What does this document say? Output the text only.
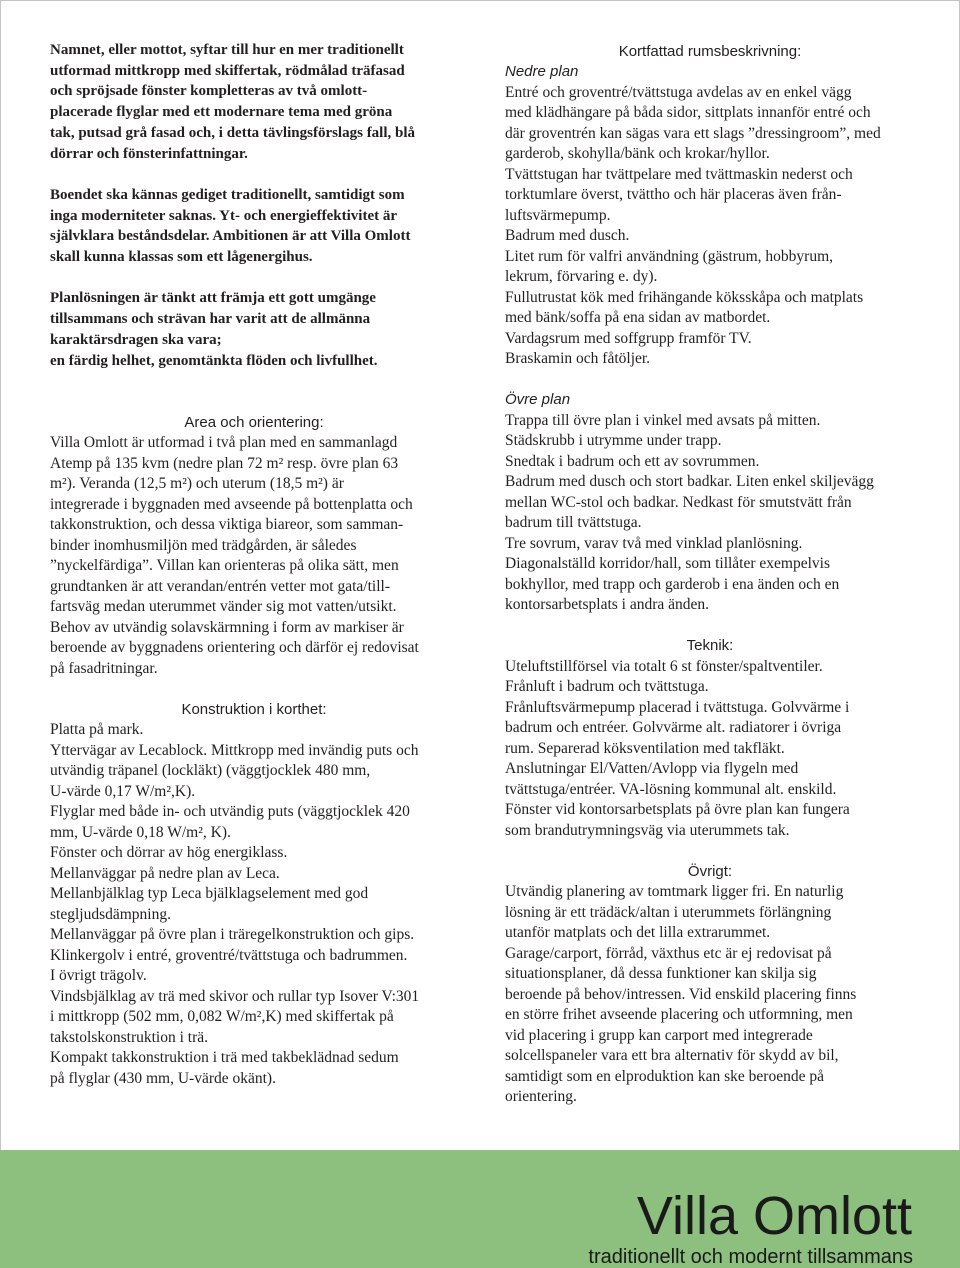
Namnet, eller mottot, syftar till hur en mer traditionellt
utformad mittkropp med skiffertak, rödmålad träfasad
och spröjsade fönster kompletteras av två omlott-
placerade flyglar med ett modernare tema med gröna
tak, putsad grå fasad och, i detta tävlingsförslags fall, blå
dörrar och fönsterinfattningar.
Boendet ska kännas gediget traditionellt, samtidigt som
inga moderniteter saknas. Yt- och energieffektivitet är
självklara beståndsdelar. Ambitionen är att Villa Omlott
skall kunna klassas som ett lågenergihus.
Planlösningen är tänkt att främja ett gott umgänge
tillsammans och strävan har varit att de allmänna
karaktärsdragen ska vara;
en färdig helhet, genomtänkta flöden och livfullhet.
Area och orientering:
Villa Omlott är utformad i två plan med en sammanlagd
Atemp på 135 kvm (nedre plan 72 m² resp. övre plan 63
m²). Veranda (12,5 m²) och uterum (18,5 m²) är
integrerade i byggnaden med avseende på bottenplatta och
takkonstruktion, och dessa viktiga biareor, som samman-
binder inomhusmiljön med trädgården, är således
”nyckelfärdiga”. Villan kan orienteras på olika sätt, men
grundtanken är att verandan/entrén vetter mot gata/till-
fartsväg medan uterummet vänder sig mot vatten/utsikt.
Behov av utvändig solavskärmning i form av markiser är
beroende av byggnadens orientering och därför ej redovisat
på fasadritningar.
Konstruktion i korthet:
Platta på mark.
Yttervägar av Lecablock. Mittkropp med invändig puts och
utvändig träpanel (lockläkt) (väggtjocklek 480 mm,
U-värde 0,17 W/m²,K).
Flyglar med både in- och utvändig puts (väggtjocklek 420
mm, U-värde 0,18 W/m², K).
Fönster och dörrar av hög energiklass.
Mellanväggar på nedre plan av Leca.
Mellanbjälklag typ Leca bjälklagselement med god
stegljudsdämpning.
Mellanväggar på övre plan i träregelkonstruktion och gips.
Klinkergolv i entré, groventré/tvättstuga och badrummen.
I övrigt trägolv.
Vindsbjälklag av trä med skivor och rullar typ Isover V:301
i mittkropp (502 mm, 0,082 W/m²,K) med skiffertak på
takstolskonstruktion i trä.
Kompakt takkonstruktion i trä med takbeklädnad sedum
på flyglar (430 mm, U-värde okänt).
Kortfattad rumsbeskrivning:
Nedre plan
Entré och groventré/tvättstuga avdelas av en enkel vägg
med klädhängare på båda sidor, sittplats innanför entré och
där groventrén kan sägas vara ett slags ”dressingroom”, med
garderob, skohylla/bänk och krokar/hyllor.
Tvättstugan har tvättpelare med tvättmaskin nederst och
torktumlare överst, tvättho och här placeras även från-
luftsvärmepump.
Badrum med dusch.
Litet rum för valfri användning (gästrum, hobbyrum,
lekrum, förvaring e. dy).
Fullutrustat kök med frihängande köksskåpa och matplats
med bänk/soffa på ena sidan av matbordet.
Vardagsrum med soffgrupp framför TV.
Braskamin och fåtöljer.
Övre plan
Trappa till övre plan i vinkel med avsats på mitten.
Städskrubb i utrymme under trapp.
Snedtak i badrum och ett av sovrummen.
Badrum med dusch och stort badkar. Liten enkel skiljevägg
mellan WC-stol och badkar. Nedkast för smutstvätt från
badrum till tvättstuga.
Tre sovrum, varav två med vinklad planlösning.
Diagonalställd korridor/hall, som tillåter exempelvis
bokhyllor, med trapp och garderob i ena änden och en
kontorsarbetsplats i andra änden.
Teknik:
Uteluftstillförsel via totalt 6 st fönster/spaltventiler.
Frånluft i badrum och tvättstuga.
Frånluftsvärmepump placerad i tvättstuga. Golvvärme i
badrum och entréer. Golvvärme alt. radiatorer i övriga
rum. Separerad köksventilation med takfläkt.
Anslutningar El/Vatten/Avlopp via flygeln med
tvättstuga/entréer. VA-lösning kommunal alt. enskild.
Fönster vid kontorsarbetsplats på övre plan kan fungera
som brandutrymningsväg via uterummets tak.
Övrigt:
Utvändig planering av tomtmark ligger fri. En naturlig
lösning är ett trädäck/altan i uterummets förlängning
utanför matplats och det lilla extrarummet.
Garage/carport, förråd, växthus etc är ej redovisat på
situationsplaner, då dessa funktioner kan skilja sig
beroende på behov/intressen. Vid enskild placering finns
en större frihet avseende placering och utformning, men
vid placering i grupp kan carport med integrerade
solcellspaneler vara ett bra alternativ för skydd av bil,
samtidigt som en elproduktion kan ske beroende på
orientering.
Villa Omlott
traditionellt och modernt tillsammans
